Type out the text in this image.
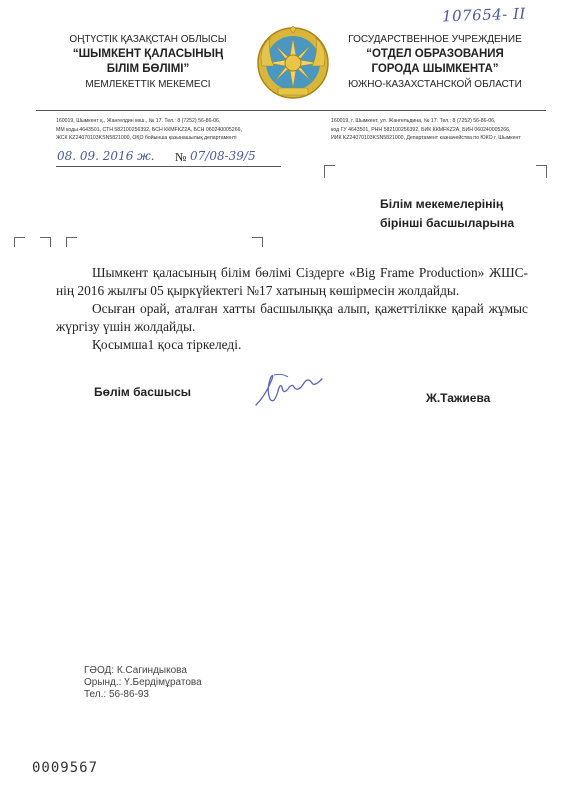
107654- II
ОҢТҮСТІК ҚАЗАҚСТАН ОБЛЫСЫ
“ШЫМКЕНТ ҚАЛАСЫНЫҢ
БІЛІМ БӨЛІМІ”
МЕМЛЕКЕТТІК МЕКЕМЕСІ
ГОСУДАРСТВЕННОЕ УЧРЕЖДЕНИЕ
“ОТДЕЛ ОБРАЗОВАНИЯ
ГОРОДА ШЫМКЕНТА”
ЮЖНО-КАЗАХСТАНСКОЙ ОБЛАСТИ
160019, Шымкент қ., Жангелдин көш., № 17. Тел.: 8 (7252) 56-86-06,
ММ коды 4643501, СТН 582100256392, БСН ККМFKZ2A, БСН 060240005266,
ЖСК KZ24070103KSN5821000, ОҚО бойынша қазынашылық департаменті
160019, г. Шымкент, ул. Жангельдина, № 17. Тел.: 8 (7252) 56-86-06,
код ГУ 4643501, РНН 582100256392, БИК ККМFKZ2A, БИН 060240005266,
ИИК KZ24070103KSN5821000, Департамент казначейства по ЮКО г. Шымкент
08. 09. 2016 ж. № 07/08-39/5
Білім мекемелерінің
бірінші басшыларына
Шымкент қаласының білім бөлімі Сіздерге «Big Frame Production» ЖШС-нің 2016 жылғы 05 қыркүйектегі №17 хатының көшірмесін жолдайды.
Осыған орай, аталған хатты басшылыққа алып, қажеттілікке қарай жұмыс жүргізу үшін жолдайды.
Қосымша1 қоса тіркеледі.
Бөлім басшысы	Ж.Тажиева
ГӘОД: К.Сагиндыкова
Орынд.: Ү.Бердімұратова
Тел.: 56-86-93
0009567
